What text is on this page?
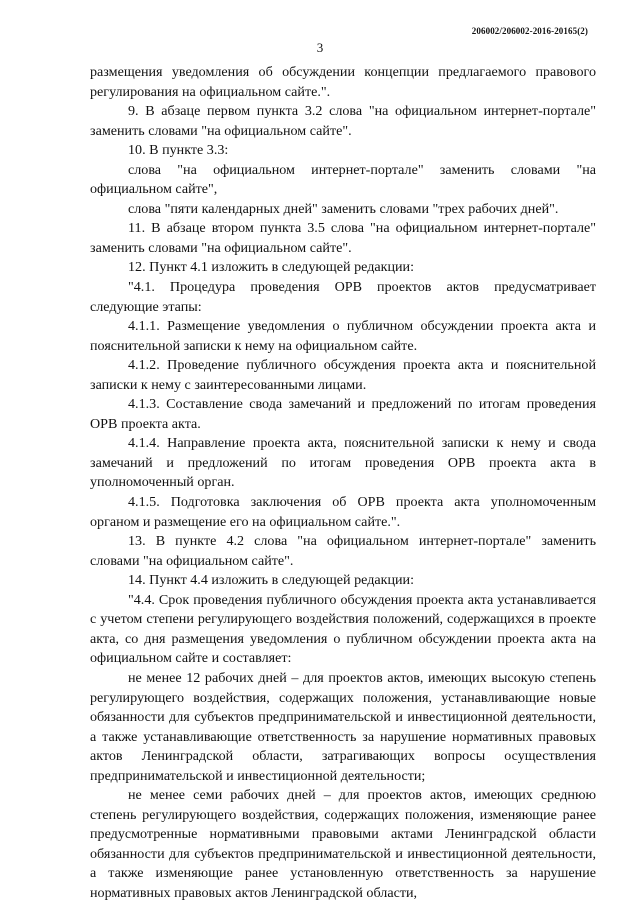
206002/206002-2016-20165(2)
3

размещения уведомления об обсуждении концепции предлагаемого правового регулирования на официальном сайте.".

9. В абзаце первом пункта 3.2 слова "на официальном интернет-портале" заменить словами "на официальном сайте".

10. В пункте 3.3:

слова "на официальном интернет-портале" заменить словами "на официальном сайте",

слова "пяти календарных дней" заменить словами "трех рабочих дней".

11. В абзаце втором пункта 3.5 слова "на официальном интернет-портале" заменить словами "на официальном сайте".

12. Пункт 4.1 изложить в следующей редакции:

"4.1. Процедура проведения ОРВ проектов актов предусматривает следующие этапы:

4.1.1. Размещение уведомления о публичном обсуждении проекта акта и пояснительной записки к нему на официальном сайте.

4.1.2. Проведение публичного обсуждения проекта акта и пояснительной записки к нему с заинтересованными лицами.

4.1.3. Составление свода замечаний и предложений по итогам проведения ОРВ проекта акта.

4.1.4. Направление проекта акта, пояснительной записки к нему и свода замечаний и предложений по итогам проведения ОРВ проекта акта в уполномоченный орган.

4.1.5. Подготовка заключения об ОРВ проекта акта уполномоченным органом и размещение его на официальном сайте.".

13. В пункте 4.2 слова "на официальном интернет-портале" заменить словами "на официальном сайте".

14. Пункт 4.4 изложить в следующей редакции:

"4.4. Срок проведения публичного обсуждения проекта акта устанавливается с учетом степени регулирующего воздействия положений, содержащихся в проекте акта, со дня размещения уведомления о публичном обсуждении проекта акта на официальном сайте и составляет:

не менее 12 рабочих дней – для проектов актов, имеющих высокую степень регулирующего воздействия, содержащих положения, устанавливающие новые обязанности для субъектов предпринимательской и инвестиционной деятельности, а также устанавливающие ответственность за нарушение нормативных правовых актов Ленинградской области, затрагивающих вопросы осуществления предпринимательской и инвестиционной деятельности;

не менее семи рабочих дней – для проектов актов, имеющих среднюю степень регулирующего воздействия, содержащих положения, изменяющие ранее предусмотренные нормативными правовыми актами Ленинградской области обязанности для субъектов предпринимательской и инвестиционной деятельности, а также изменяющие ранее установленную ответственность за нарушение нормативных правовых актов Ленинградской области,
